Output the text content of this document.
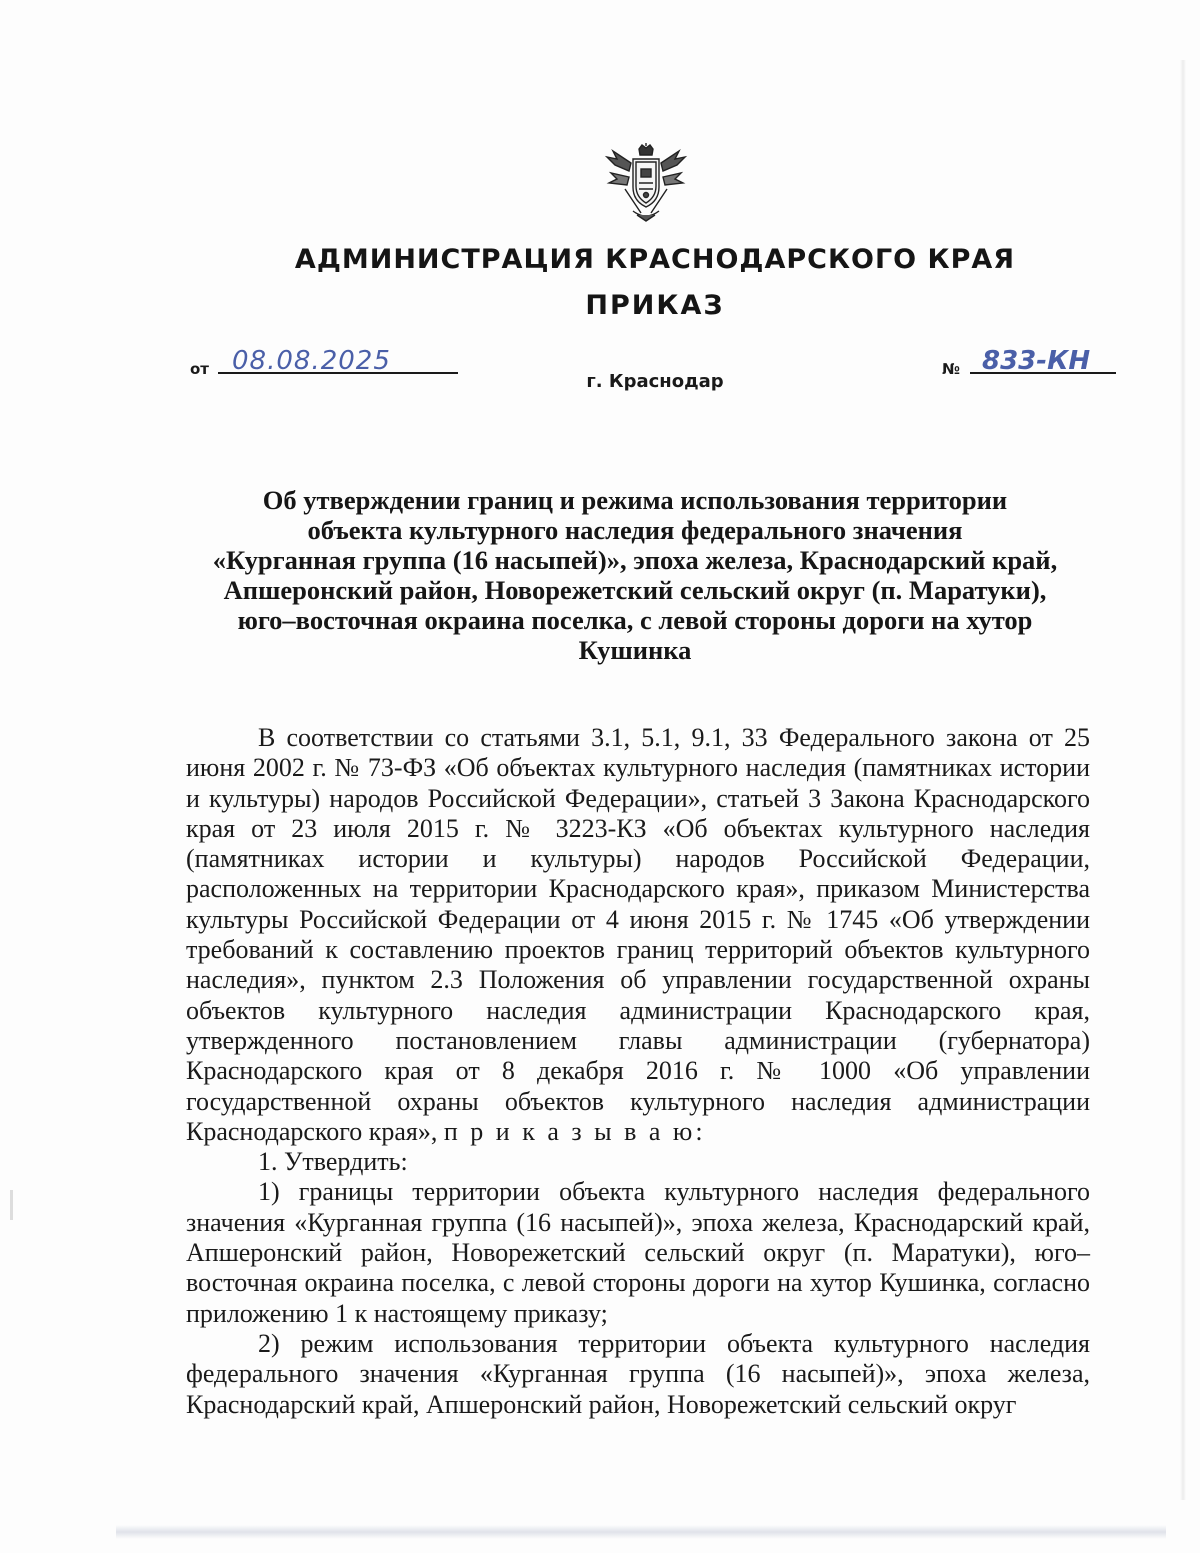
АДМИНИСТРАЦИЯ КРАСНОДАРСКОГО КРАЯ
ПРИКАЗ
от 08.08.2025	№ 833-КН
г. Краснодар
Об утверждении границ и режима использования территории
объекта культурного наследия федерального значения
«Курганная группа (16 насыпей)», эпоха железа, Краснодарский край,
Апшеронский район, Новорежетский сельский округ (п. Маратуки),
юго–восточная окраина поселка, с левой стороны дороги на хутор
Кушинка

В соответствии со статьями 3.1, 5.1, 9.1, 33 Федерального закона от 25 июня 2002 г. № 73-ФЗ «Об объектах культурного наследия (памятниках истории и культуры) народов Российской Федерации», статьей 3 Закона Краснодарского края от 23 июля 2015 г. № 3223-КЗ «Об объектах культурного наследия (памятниках истории и культуры) народов Российской Федерации, расположенных на территории Краснодарского края», приказом Министерства культуры Российской Федерации от 4 июня 2015 г. № 1745 «Об утверждении требований к составлению проектов границ территорий объектов культурного наследия», пунктом 2.3 Положения об управлении государственной охраны объектов культурного наследия администрации Краснодарского края, утвержденного постановлением главы администрации (губернатора) Краснодарского края от 8 декабря 2016 г. № 1000 «Об управлении государственной охраны объектов культурного наследия администрации Краснодарского края», п р и к а з ы в а ю:

1. Утвердить:

1) границы территории объекта культурного наследия федерального значения «Курганная группа (16 насыпей)», эпоха железа, Краснодарский край, Апшеронский район, Новорежетский сельский округ (п. Маратуки), юго–восточная окраина поселка, с левой стороны дороги на хутор Кушинка, согласно приложению 1 к настоящему приказу;

2) режим использования территории объекта культурного наследия федерального значения «Курганная группа (16 насыпей)», эпоха железа, Краснодарский край, Апшеронский район, Новорежетский сельский округ
